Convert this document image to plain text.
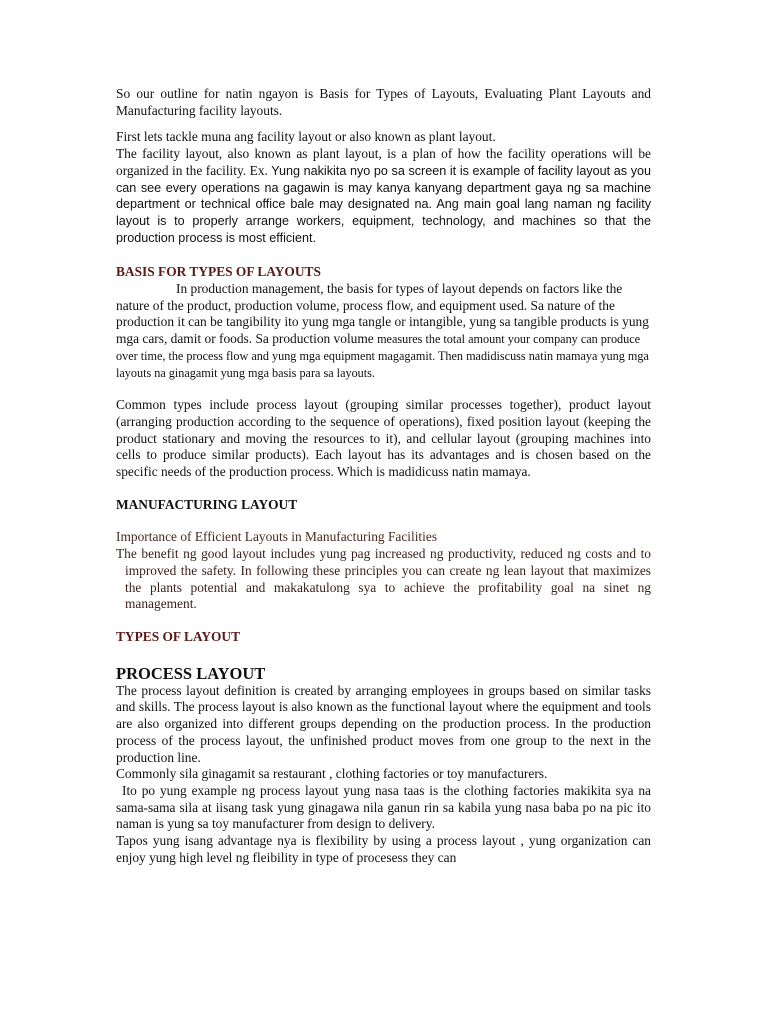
So our outline for natin ngayon is Basis for Types of Layouts, Evaluating Plant Layouts and Manufacturing facility layouts.

First lets tackle muna ang facility layout or also known as plant layout.

The facility layout, also known as plant layout, is a plan of how the facility operations will be organized in the facility. Ex. Yung nakikita nyo po sa screen it is example of facility layout as you can see every operations na gagawin is may kanya kanyang department gaya ng sa machine department or technical office bale may designated na. Ang main goal lang naman ng facility layout is to properly arrange workers, equipment, technology, and machines so that the production process is most efficient.

BASIS FOR TYPES OF LAYOUTS

In production management, the basis for types of layout depends on factors like the nature of the product, production volume, process flow, and equipment used. Sa nature of the production it can be tangibility ito yung mga tangle or intangible, yung sa tangible products is yung mga cars, damit or foods. Sa production volume measures the total amount your company can produce over time, the process flow and yung mga equipment magagamit. Then madidiscuss natin mamaya yung mga layouts na ginagamit yung mga basis para sa layouts.

Common types include process layout (grouping similar processes together), product layout (arranging production according to the sequence of operations), fixed position layout (keeping the product stationary and moving the resources to it), and cellular layout (grouping machines into cells to produce similar products). Each layout has its advantages and is chosen based on the specific needs of the production process. Which is madidicuss natin mamaya.

MANUFACTURING LAYOUT

Importance of Efficient Layouts in Manufacturing Facilities

The benefit ng good layout includes yung pag increased ng productivity, reduced ng costs and to improved the safety. In following these principles you can create ng lean layout that maximizes the plants potential and makakatulong sya to achieve the profitability goal na sinet ng management.

TYPES OF LAYOUT

PROCESS LAYOUT

The process layout definition is created by arranging employees in groups based on similar tasks and skills. The process layout is also known as the functional layout where the equipment and tools are also organized into different groups depending on the production process. In the production process of the process layout, the unfinished product moves from one group to the next in the production line.

Commonly sila ginagamit sa restaurant , clothing factories or toy manufacturers.

Ito po yung example ng process layout yung nasa taas is the clothing factories makikita sya na sama-sama sila at iisang task yung ginagawa nila ganun rin sa kabila yung nasa baba po na pic ito naman is yung sa toy manufacturer from design to delivery.

Tapos yung isang advantage nya is flexibility by using a process layout , yung organization can enjoy yung high level ng fleibility in type of procesess they can
